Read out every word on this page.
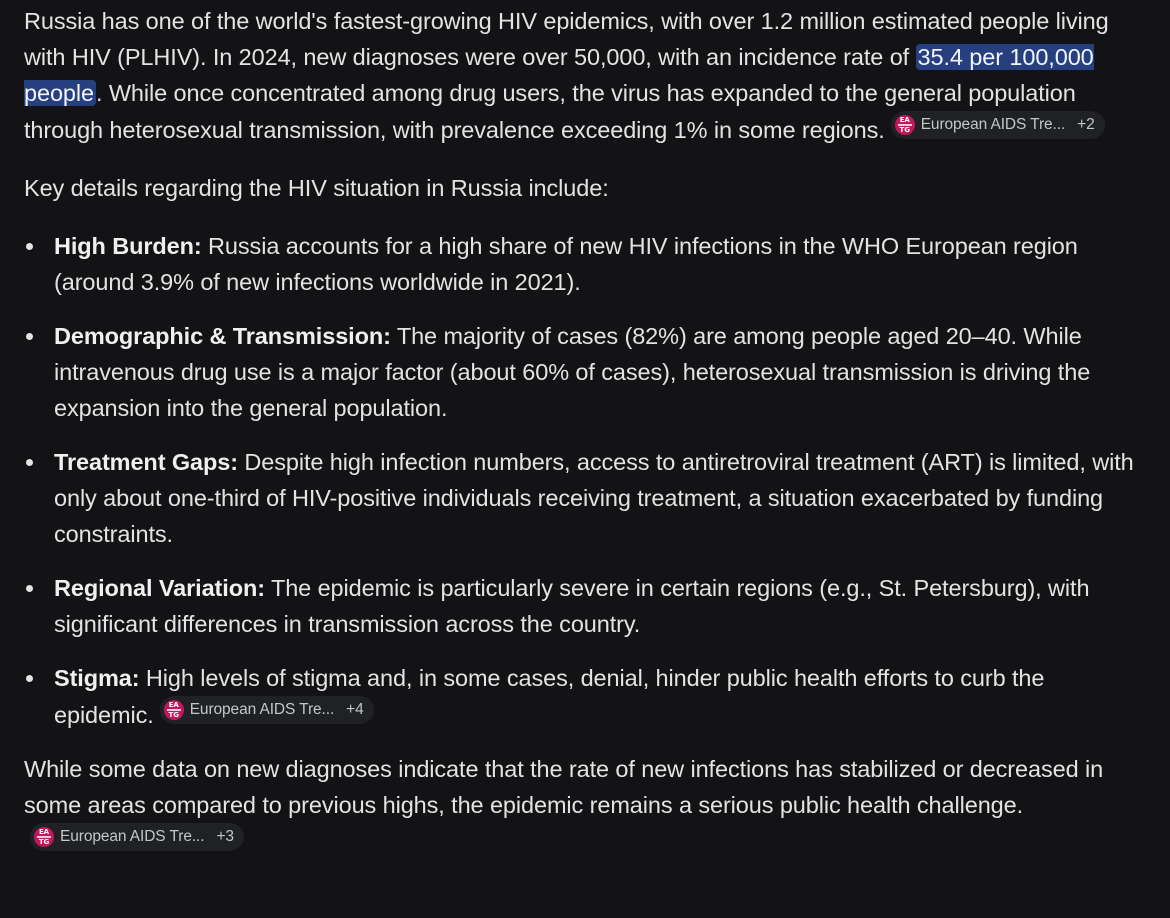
Russia has one of the world's fastest-growing HIV epidemics, with over 1.2 million estimated people living with HIV (PLHIV). In 2024, new diagnoses were over 50,000, with an incidence rate of 35.4 per 100,000 people. While once concentrated among drug users, the virus has expanded to the general population through heterosexual transmission, with prevalence exceeding 1% in some regions.	EA
TG European AIDS Tre... +2

Key details regarding the HIV situation in Russia include:

High Burden: Russia accounts for a high share of new HIV infections in the WHO European region (around 3.9% of new infections worldwide in 2021).
Demographic & Transmission: The majority of cases (82%) are among people aged 20–40. While intravenous drug use is a major factor (about 60% of cases), heterosexual transmission is driving the expansion into the general population.
Treatment Gaps: Despite high infection numbers, access to antiretroviral treatment (ART) is limited, with only about one-third of HIV-positive individuals receiving treatment, a situation exacerbated by funding constraints.
Regional Variation: The epidemic is particularly severe in certain regions (e.g., St. Petersburg), with significant differences in transmission across the country.
Stigma: High levels of stigma and, in some cases, denial, hinder public health efforts to curb the epidemic.	EA
TG European AIDS Tre... +4

While some data on new diagnoses indicate that the rate of new infections has stabilized or decreased in some areas compared to previous highs, the epidemic remains a serious public health challenge.
EA
TG European AIDS Tre... +3
